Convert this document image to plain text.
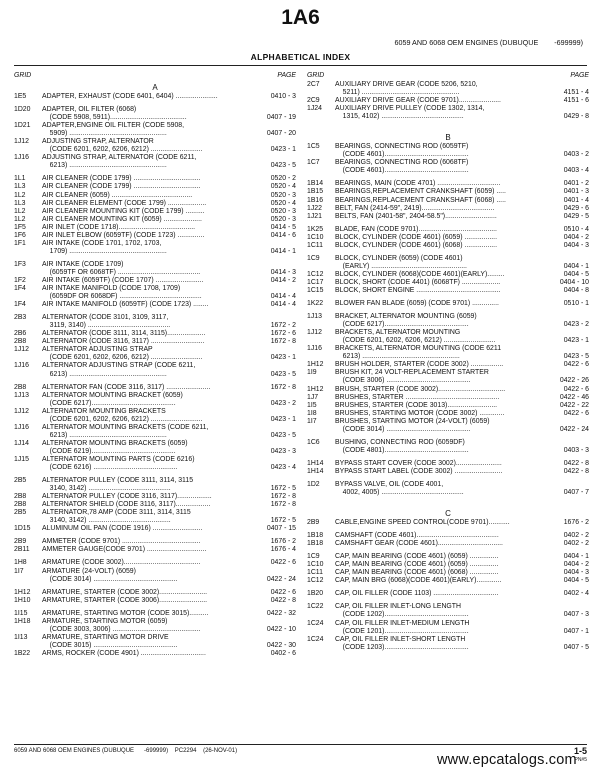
1A6
6059 AND 6068 OEM ENGINES (DUBUQUE        -699999)
ALPHABETICAL INDEX
GRID	PAGE
A
1E5 ADAPTER, EXHAUST (CODE 6401, 6404) ......................	0410 - 3
1D20 ADAPTER, OIL FILTER (6068)
(CODE 5908, 5911)........................................	0407 - 19
1D21 ADAPTER,ENGINE OIL FILTER (CODE 5908,
5909) ...................................................	0407 - 20
1J12 ADJUSTING STRAP, ALTERNATOR
(CODE 6201, 6202, 6206, 6212) ...........................	0423 - 1
1J16 ADJUSTING STRAP, ALTERNATOR (CODE 6211,
6213) ...................................................	0423 - 5
1L1 AIR CLEANER (CODE 1799) ...................................	0520 - 2
1L3 AIR CLEANER (CODE 1799) ...................................	0520 - 4
1L2 AIR CLEANER (6059) ..........................................	0520 - 3
1L3 AIR CLEANER ELEMENT (CODE 1799) ....................	0520 - 4
1L2 AIR CLEANER MOUNTING KIT (CODE 1799) ..........	0520 - 3
1L2 AIR CLEANER MOUNTING KIT (6059) ....................	0520 - 3
1F5 AIR INLET (CODE 1718)........................................	0414 - 5
1F6 AIR INLET ELBOW (6059TF) (CODE 1723) ..............	0414 - 6
1F1 AIR INTAKE (CODE 1701, 1702, 1703,
1709) ...................................................	0414 - 1
1F3 AIR INTAKE (CODE 1709)
(6059TF OR 6068TF) ...........................................	0414 - 3
1F2 AIR INTAKE (6059TF) (CODE 1707) .........................	0414 - 2
1F4 AIR INTAKE MANIFOLD (CODE 1708, 1709)
(6059DF OR 6068DF) ...........................................	0414 - 4
1F4 AIR INTAKE MANIFOLD (6059TF) (CODE 1723) ........	0414 - 4
2B3 ALTERNATOR (CODE 3101, 3109, 3117,
3119, 3140) ...........................................	1672 - 2
2B6 ALTERNATOR (CODE 3111, 3114, 3115)....................	1672 - 6
2B8 ALTERNATOR (CODE 3116, 3117) ............................	1672 - 8
1J12 ALTERNATOR ADJUSTING STRAP
(CODE 6201, 6202, 6206, 6212) ...........................	0423 - 1
1J16 ALTERNATOR ADJUSTING STRAP (CODE 6211,
6213) ...................................................	0423 - 5
2B8 ALTERNATOR FAN (CODE 3116, 3117) .......................	1672 - 8
1J13 ALTERNATOR MOUNTING BRACKET (6059)
(CODE 6217)............................................	0423 - 2
1J12 ALTERNATOR MOUNTING BRACKETS
(CODE 6201, 6202, 6206, 6212) ...........................	0423 - 1
1J16 ALTERNATOR MOUNTING BRACKETS (CODE 6211,
6213) ...................................................	0423 - 5
1J14 ALTERNATOR MOUNTING BRACKETS (6059)
(CODE 6219)............................................	0423 - 3
1J15 ALTERNATOR MOUNTING PARTS (CODE 6216)
(CODE 6216) ............................................	0423 - 4
2B5 ALTERNATOR PULLEY (CODE 3111, 3114, 3115
3140, 3142) ...........................................	1672 - 5
2B8 ALTERNATOR PULLEY (CODE 3116, 3117)..................	1672 - 8
2B8 ALTERNATOR SHIELD (CODE 3116, 3117)..................	1672 - 8
2B5 ALTERNATOR,78 AMP (CODE 3111, 3114, 3115
3140, 3142) ...........................................	1672 - 5
1D15 ALUMINUM OIL PAN (CODE 1916) ..........................	0407 - 15
2B9 AMMETER (CODE 9701) .........................................	1676 - 2
2B11 AMMETER GAUGE(CODE 9701) ...............................	1676 - 4
1H8 ARMATURE (CODE 3002)........................................	0422 - 6
1I7	ARMATURE (24-VOLT) (6059)
(CODE 3014) ............................................	0422 - 24
1H12 ARMATURE, STARTER (CODE 3002).........................	0422 - 6
1H10 ARMATURE, STARTER (CODE 3006).........................	0422 - 8
1I15 ARMATURE, STARTING MOTOR (CODE 3015)..........	0422 - 32
1H18 ARMATURE, STARTING MOTOR (6059)
(CODE 3003, 3006) ..............................................	0422 - 10
1I13 ARMATURE, STARTING MOTOR DRIVE
(CODE 3015) ............................................	0422 - 30
1B22 ARMS, ROCKER (CODE 4901) ..................................	0402 - 6
GRID	PAGE
2C7 AUXILIARY DRIVE GEAR (CODE 5206, 5210,
5211) ...................................................	4151 - 4
2C9 AUXILIARY DRIVE GEAR (CODE 9701)......................	4151 - 6
1J24 AUXILIARY DRIVE PULLEY (CODE 1302, 1314,
1315, 4102) ...........................................	0429 - 8
B
1C5 BEARINGS, CONNECTING ROD (6059TF)
(CODE 4601)............................................	0403 - 2
1C7 BEARINGS, CONNECTING ROD (6068TF)
(CODE 4601)............................................	0403 - 4
1B14 BEARINGS, MAIN (CODE 4701) .................................	0401 - 2
1B15 BEARINGS,REPLACEMENT CRANKSHAFT (6059) .....	0401 - 3
1B16 BEARINGS,REPLACEMENT CRANKSHAFT (6068) .....	0401 - 4
1J22 BELT, FAN (2414-59", 2419)......................................	0429 - 6
1J21 BELTS, FAN (2401-58", 2404-58.5")...........................	0429 - 5
1K25 BLADE, FAN (CODE 9701).........................................	0510 - 4
1C10 BLOCK, CYLINDER (CODE 4601) (6059) .................	0404 - 2
1C11 BLOCK, CYLINDER (CODE 4601) (6068) .................	0404 - 3
1C9 BLOCK, CYLINDER (6059) (CODE 4601)
(EARLY) ..................................................	0404 - 1
1C12 BLOCK, CYLINDER (6068)(CODE 4601)(EARLY).........	0404 - 5
1C17 BLOCK, SHORT (CODE 4401) (6068TF) ....................	0404 - 10
1C15 BLOCK, SHORT ENGINE ............................................	0404 - 8
1K22 BLOWER FAN BLADE (6059) (CODE 9701) ..............	0510 - 1
1J13 BRACKET, ALTERNATOR MOUNTING (6059)
(CODE 6217)............................................	0423 - 2
1J12 BRACKETS, ALTERNATOR MOUNTING
(CODE 6201, 6202, 6206, 6212) ...........................	0423 - 1
1J16 BRACKETS, ALTERNATOR MOUNTING (CODE 6211
6213) ...................................................	0423 - 5
1H12 BRUSH HOLDER, STARTER (CODE 3002) .................	0422 - 6
1I9	BRUSH KIT, 24 VOLT-REPLACEMENT STARTER
(CODE 3006) ............................................	0422 - 26
1H12 BRUSH, STARTER (CODE 3002)...................................	0422 - 6
1J7 BRUSHES, STARTER .................................................	0422 - 46
1I5	BRUSHES, STARTER (CODE 3013)..........................	0422 - 22
1I8	BRUSHES, STARTING MOTOR (CODE 3002) .............	0422 - 6
1I7	BRUSHES, STARTING MOTOR (24-VOLT) (6059)
(CODE 3014) ............................................	0422 - 24
1C6 BUSHING, CONNECTING ROD (6059DF)
(CODE 4801)............................................	0403 - 3
1H14 BYPASS START COVER (CODE 3002)........................	0422 - 8
1H14 BYPASS START LABEL (CODE 3002) .........................	0422 - 8
1D2 BYPASS VALVE, OIL (CODE 4001,
4002, 4005) ...........................................	0407 - 7
C
2B9 CABLE,ENGINE SPEED CONTROL(CODE 9701)...........	1676 - 2
1B18 CAMSHAFT (CODE 4601)...........................................	0402 - 2
1B18 CAMSHAFT GEAR (CODE 4601)..................................	0402 - 2
1C9 CAP, MAIN BEARING (CODE 4601) (6059) ...............	0404 - 1
1C10 CAP, MAIN BEARING (CODE 4601) (6059) ...............	0404 - 2
1C11 CAP, MAIN BEARING (CODE 4601) (6068) ...............	0404 - 3
1C12 CAP, MAIN BRG (6068)(CODE 4601)(EARLY).............	0404 - 5
1B20 CAP, OIL FILLER (CODE 1103) ..................................	0402 - 4
1C22 CAP, OIL FILLER INLET-LONG LENGTH
(CODE 1202)............................................	0407 - 3
1C24 CAP, OIL FILLER INLET-MEDIUM LENGTH
(CODE 1201)............................................	0407 - 1
1C24 CAP, OIL FILLER INLET-SHORT LENGTH
(CODE 1203)............................................	0407 - 5
6059 AND 6068 OEM ENGINES (DUBUQUE      -699999)    PC2294    (26-NOV-01)	1-5
PN#5
www.epcatalogs.com
